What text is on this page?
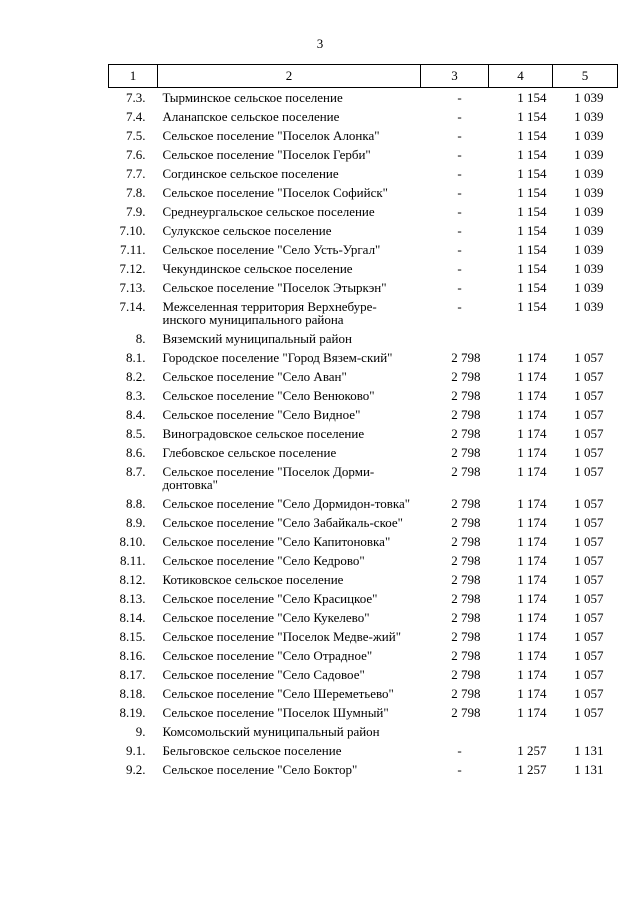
3
1	2	3	4	5
7.3.	Тырминское сельское поселение	-	1 154	1 039
7.4.	Аланапское сельское поселение	-	1 154	1 039
7.5.	Сельское поселение "Поселок Алонка"	-	1 154	1 039
7.6.	Сельское поселение "Поселок Герби"	-	1 154	1 039
7.7.	Согдинское сельское поселение	-	1 154	1 039
7.8.	Сельское поселение "Поселок Софийск"	-	1 154	1 039
7.9.	Среднеургальское сельское поселение	-	1 154	1 039
7.10.	Сулукское сельское поселение	-	1 154	1 039
7.11.	Сельское поселение "Село Усть-Ургал"	-	1 154	1 039
7.12.	Чекундинское сельское поселение	-	1 154	1 039
7.13.	Сельское поселение "Поселок Этыркэн"	-	1 154	1 039
7.14.	Межселенная территория Верхнебуре-инского муниципального района	-	1 154	1 039
8.	Вяземский муниципальный район			
8.1.	Городское поселение "Город Вязем-ский"	2 798	1 174	1 057
8.2.	Сельское поселение "Село Аван"	2 798	1 174	1 057
8.3.	Сельское поселение "Село Венюково"	2 798	1 174	1 057
8.4.	Сельское поселение "Село Видное"	2 798	1 174	1 057
8.5.	Виноградовское сельское поселение	2 798	1 174	1 057
8.6.	Глебовское сельское поселение	2 798	1 174	1 057
8.7.	Сельское поселение "Поселок Дорми-донтовка"	2 798	1 174	1 057
8.8.	Сельское поселение "Село Дормидон-товка"	2 798	1 174	1 057
8.9.	Сельское поселение "Село Забайкаль-ское"	2 798	1 174	1 057
8.10.	Сельское поселение "Село Капитоновка"	2 798	1 174	1 057
8.11.	Сельское поселение "Село Кедрово"	2 798	1 174	1 057
8.12.	Котиковское сельское поселение	2 798	1 174	1 057
8.13.	Сельское поселение "Село Красицкое"	2 798	1 174	1 057
8.14.	Сельское поселение "Село Кукелево"	2 798	1 174	1 057
8.15.	Сельское поселение "Поселок Медве-жий"	2 798	1 174	1 057
8.16.	Сельское поселение "Село Отрадное"	2 798	1 174	1 057
8.17.	Сельское поселение "Село Садовое"	2 798	1 174	1 057
8.18.	Сельское поселение "Село Шереметьево"	2 798	1 174	1 057
8.19.	Сельское поселение "Поселок Шумный"	2 798	1 174	1 057
9.	Комсомольский муниципальный район			
9.1.	Бельговское сельское поселение	-	1 257	1 131
9.2.	Сельское поселение "Село Боктор"	-	1 257	1 131
